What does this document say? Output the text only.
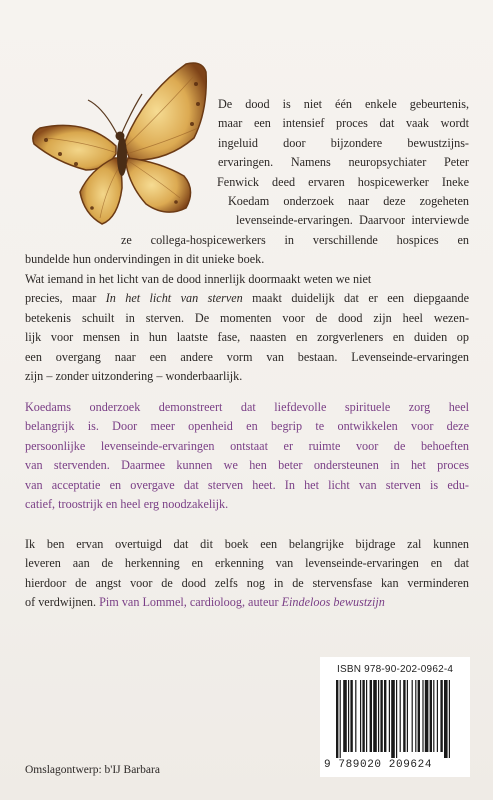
De dood is niet één enkele gebeurtenis,
maar een intensief proces dat vaak wordt
ingeluid door bijzondere bewustzijns-
ervaringen. Namens neuropsychiater Peter
Fenwick deed ervaren hospicewerker Ineke
Koedam onderzoek naar deze zogeheten
levenseinde-ervaringen. Daarvoor interviewde
ze collega-hospicewerkers in verschillende hospices en
bundelde hun ondervindingen in dit unieke boek.
Wat iemand in het licht van de dood innerlijk doormaakt weten we niet
precies, maar In het licht van sterven maakt duidelijk dat er een diepgaande
betekenis schuilt in sterven. De momenten voor de dood zijn heel wezen-
lijk voor mensen in hun laatste fase, naasten en zorgverleners en duiden op
een overgang naar een andere vorm van bestaan. Levenseinde-ervaringen
zijn – zonder uitzondering – wonderbaarlijk.
Koedams onderzoek demonstreert dat liefdevolle spirituele zorg heel
belangrijk is. Door meer openheid en begrip te ontwikkelen voor deze
persoonlijke levenseinde-ervaringen ontstaat er ruimte voor de behoeften
van stervenden. Daarmee kunnen we hen beter ondersteunen in het proces
van acceptatie en overgave dat sterven heet. In het licht van sterven is edu-
catief, troostrijk en heel erg noodzakelijk.
Ik ben ervan overtuigd dat dit boek een belangrijke bijdrage zal kunnen
leveren aan de herkenning en erkenning van levenseinde-ervaringen en dat
hierdoor de angst voor de dood zelfs nog in de stervensfase kan verminderen
of verdwijnen. Pim van Lommel, cardioloog, auteur Eindeloos bewustzijn
ISBN 978-90-202-0962-4
9 789020 209624
Omslagontwerp: b'IJ Barbara
